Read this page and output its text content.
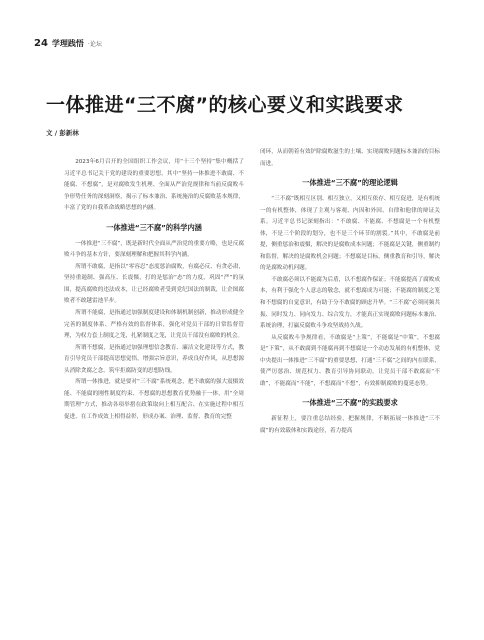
24 学理践悟 ·论坛
一体推进“三不腐”的核心要义和实践要求
文 / 彭新林

2023年6月召开的全国组织工作会议，用“十三个坚持”集中概括了习近平总书记关于党的建设的重要思想，其中“坚持一体推进不敢腐、不能腐、不想腐”，是对腐败发生机理、全面从严治党规律和当前反腐败斗争形势任务的深刻洞察，揭示了标本兼治、系统施治的反腐败基本规律，丰富了党的自我革命战略思想的内涵。

一体推进“三不腐”的科学内涵

一体推进“三不腐”，既是新时代全面从严治党的重要方略，也是反腐败斗争的基本方针，要深刻理解和把握其科学内涵。

所谓不敢腐，是指以“零容忍”态度惩治腐败，有腐必反、有贪必肃，坚持重遏制、强高压、长震慑，打的是惩治“态”的力度，巩固“严”的氛围，提高腐败的违法成本，让已经腐败者受到党纪国法的制裁，让企图腐败者不敢越雷池半步。

所谓不能腐，是指通过加强制度建设和体制机制创新，推动形成健全完善的制度体系、严格有效的监督体系，强化对党员干部的日常监督管理，为权力套上制度之笼，扎紧制度之笼，让党员干部没有腐败的机会。

所谓不想腐，是指通过加强理想信念教育、廉洁文化建设等方式，教育引导党员干部提高思想觉悟，增强宗旨意识，养成良好作风，从思想源头消除贪腐之念，筑牢拒腐防变的思想防线。

所谓一体推进，就是要对“三不腐”系统观念，把不敢腐的强大震慑效能、不能腐的刚性制度约束、不想腐的思想教育优势融于一体，用“全周期管理”方式，推动各项举措在政策取向上相互配合、在实施过程中相互促进、在工作成效上相得益彰，形成办案、治理、监督、教育的完整

闭环，从而朝着有效铲除腐败滋生的土壤、实现腐败问题标本兼治的目标而进。

一体推进“三不腐”的理论逻辑

“三不腐”既相互区别、相互独立，又相互依存、相互促进，是有机统一的有机整体，体现了主观与客观、内因和外因、自律和他律的辩证关系。习近平总书记深刻指出：“不敢腐、不能腐、不想腐是一个有机整体，不是三个阶段的划分，也不是三个环节的割裂。”其中，不敢腐是前提，侧重惩治和震慑，解决的是腐败成本问题；不能腐是关键，侧重制约和监督，解决的是腐败机会问题；不想腐是目标，侧重教育和引导，解决的是腐败动机问题。

不敢腐必须以不能腐为后盾，以不想腐作保证；不能腐提高了腐败成本，有利于强化个人意志的敬念，就不想腐成为可能；不能腐的制度之笼和不想腐的自觉意识，有助于分不敢腐的顾虑升华。“三不腐”必须同频共振、同时发力、同向发力、综合发力，才能真正实现腐败问题标本兼治、系统治理，打赢反腐败斗争攻坚战持久战。

从反腐败斗争规律看，不敢腐是“上策”，不能腐是“中策”，不想腐是“下策”，从不敢腐到不能腐再到不想腐是一个动态发展的有机整体，党中央提出一体推进“三不腐”的重要思想，打通“三不腐”之间的内在联系，使严厉惩治、规范权力、教育引导协同联动，让党员干部不敢腐而“不敢”，不能腐而“不能”，不想腐而“不想”，有效抑制腐败的蔓延态势。

一体推进“三不腐”的实践要求

新征程上，要注重总结经验，把握规律，不断拓展一体推进“三不腐”的有效载体和实践途径，着力提高
